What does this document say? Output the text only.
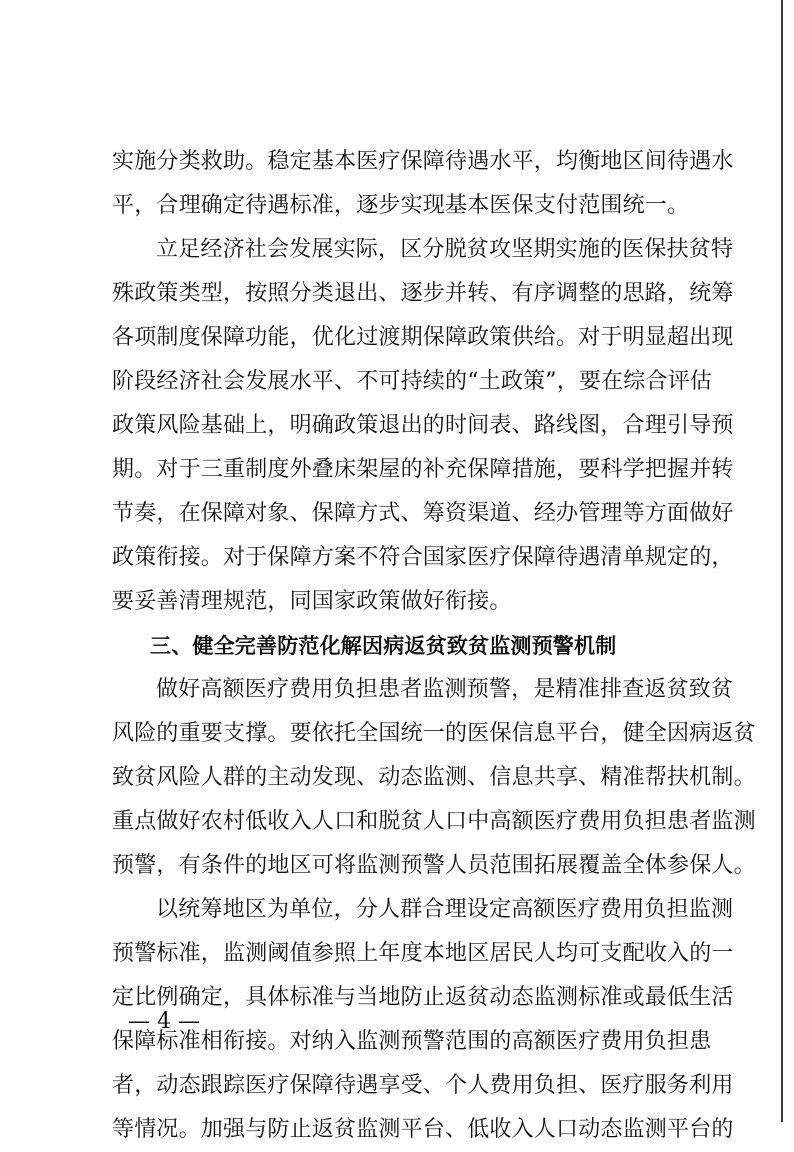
实施分类救助。稳定基本医疗保障待遇水平，均衡地区间待遇水
平，合理确定待遇标准，逐步实现基本医保支付范围统一。
立足经济社会发展实际，区分脱贫攻坚期实施的医保扶贫特
殊政策类型，按照分类退出、逐步并转、有序调整的思路，统筹
各项制度保障功能，优化过渡期保障政策供给。对于明显超出现
阶段经济社会发展水平、不可持续的“土政策”，要在综合评估
政策风险基础上，明确政策退出的时间表、路线图，合理引导预
期。对于三重制度外叠床架屋的补充保障措施，要科学把握并转
节奏，在保障对象、保障方式、筹资渠道、经办管理等方面做好
政策衔接。对于保障方案不符合国家医疗保障待遇清单规定的，
要妥善清理规范，同国家政策做好衔接。
三、健全完善防范化解因病返贫致贫监测预警机制
做好高额医疗费用负担患者监测预警，是精准排查返贫致贫
风险的重要支撑。要依托全国统一的医保信息平台，健全因病返贫
致贫风险人群的主动发现、动态监测、信息共享、精准帮扶机制。
重点做好农村低收入人口和脱贫人口中高额医疗费用负担患者监测
预警，有条件的地区可将监测预警人员范围拓展覆盖全体参保人。
以统筹地区为单位，分人群合理设定高额医疗费用负担监测
预警标准，监测阈值参照上年度本地区居民人均可支配收入的一
定比例确定，具体标准与当地防止返贫动态监测标准或最低生活
保障标准相衔接。对纳入监测预警范围的高额医疗费用负担患
者，动态跟踪医疗保障待遇享受、个人费用负担、医疗服务利用
等情况。加强与防止返贫监测平台、低收入人口动态监测平台的
— 4 —
